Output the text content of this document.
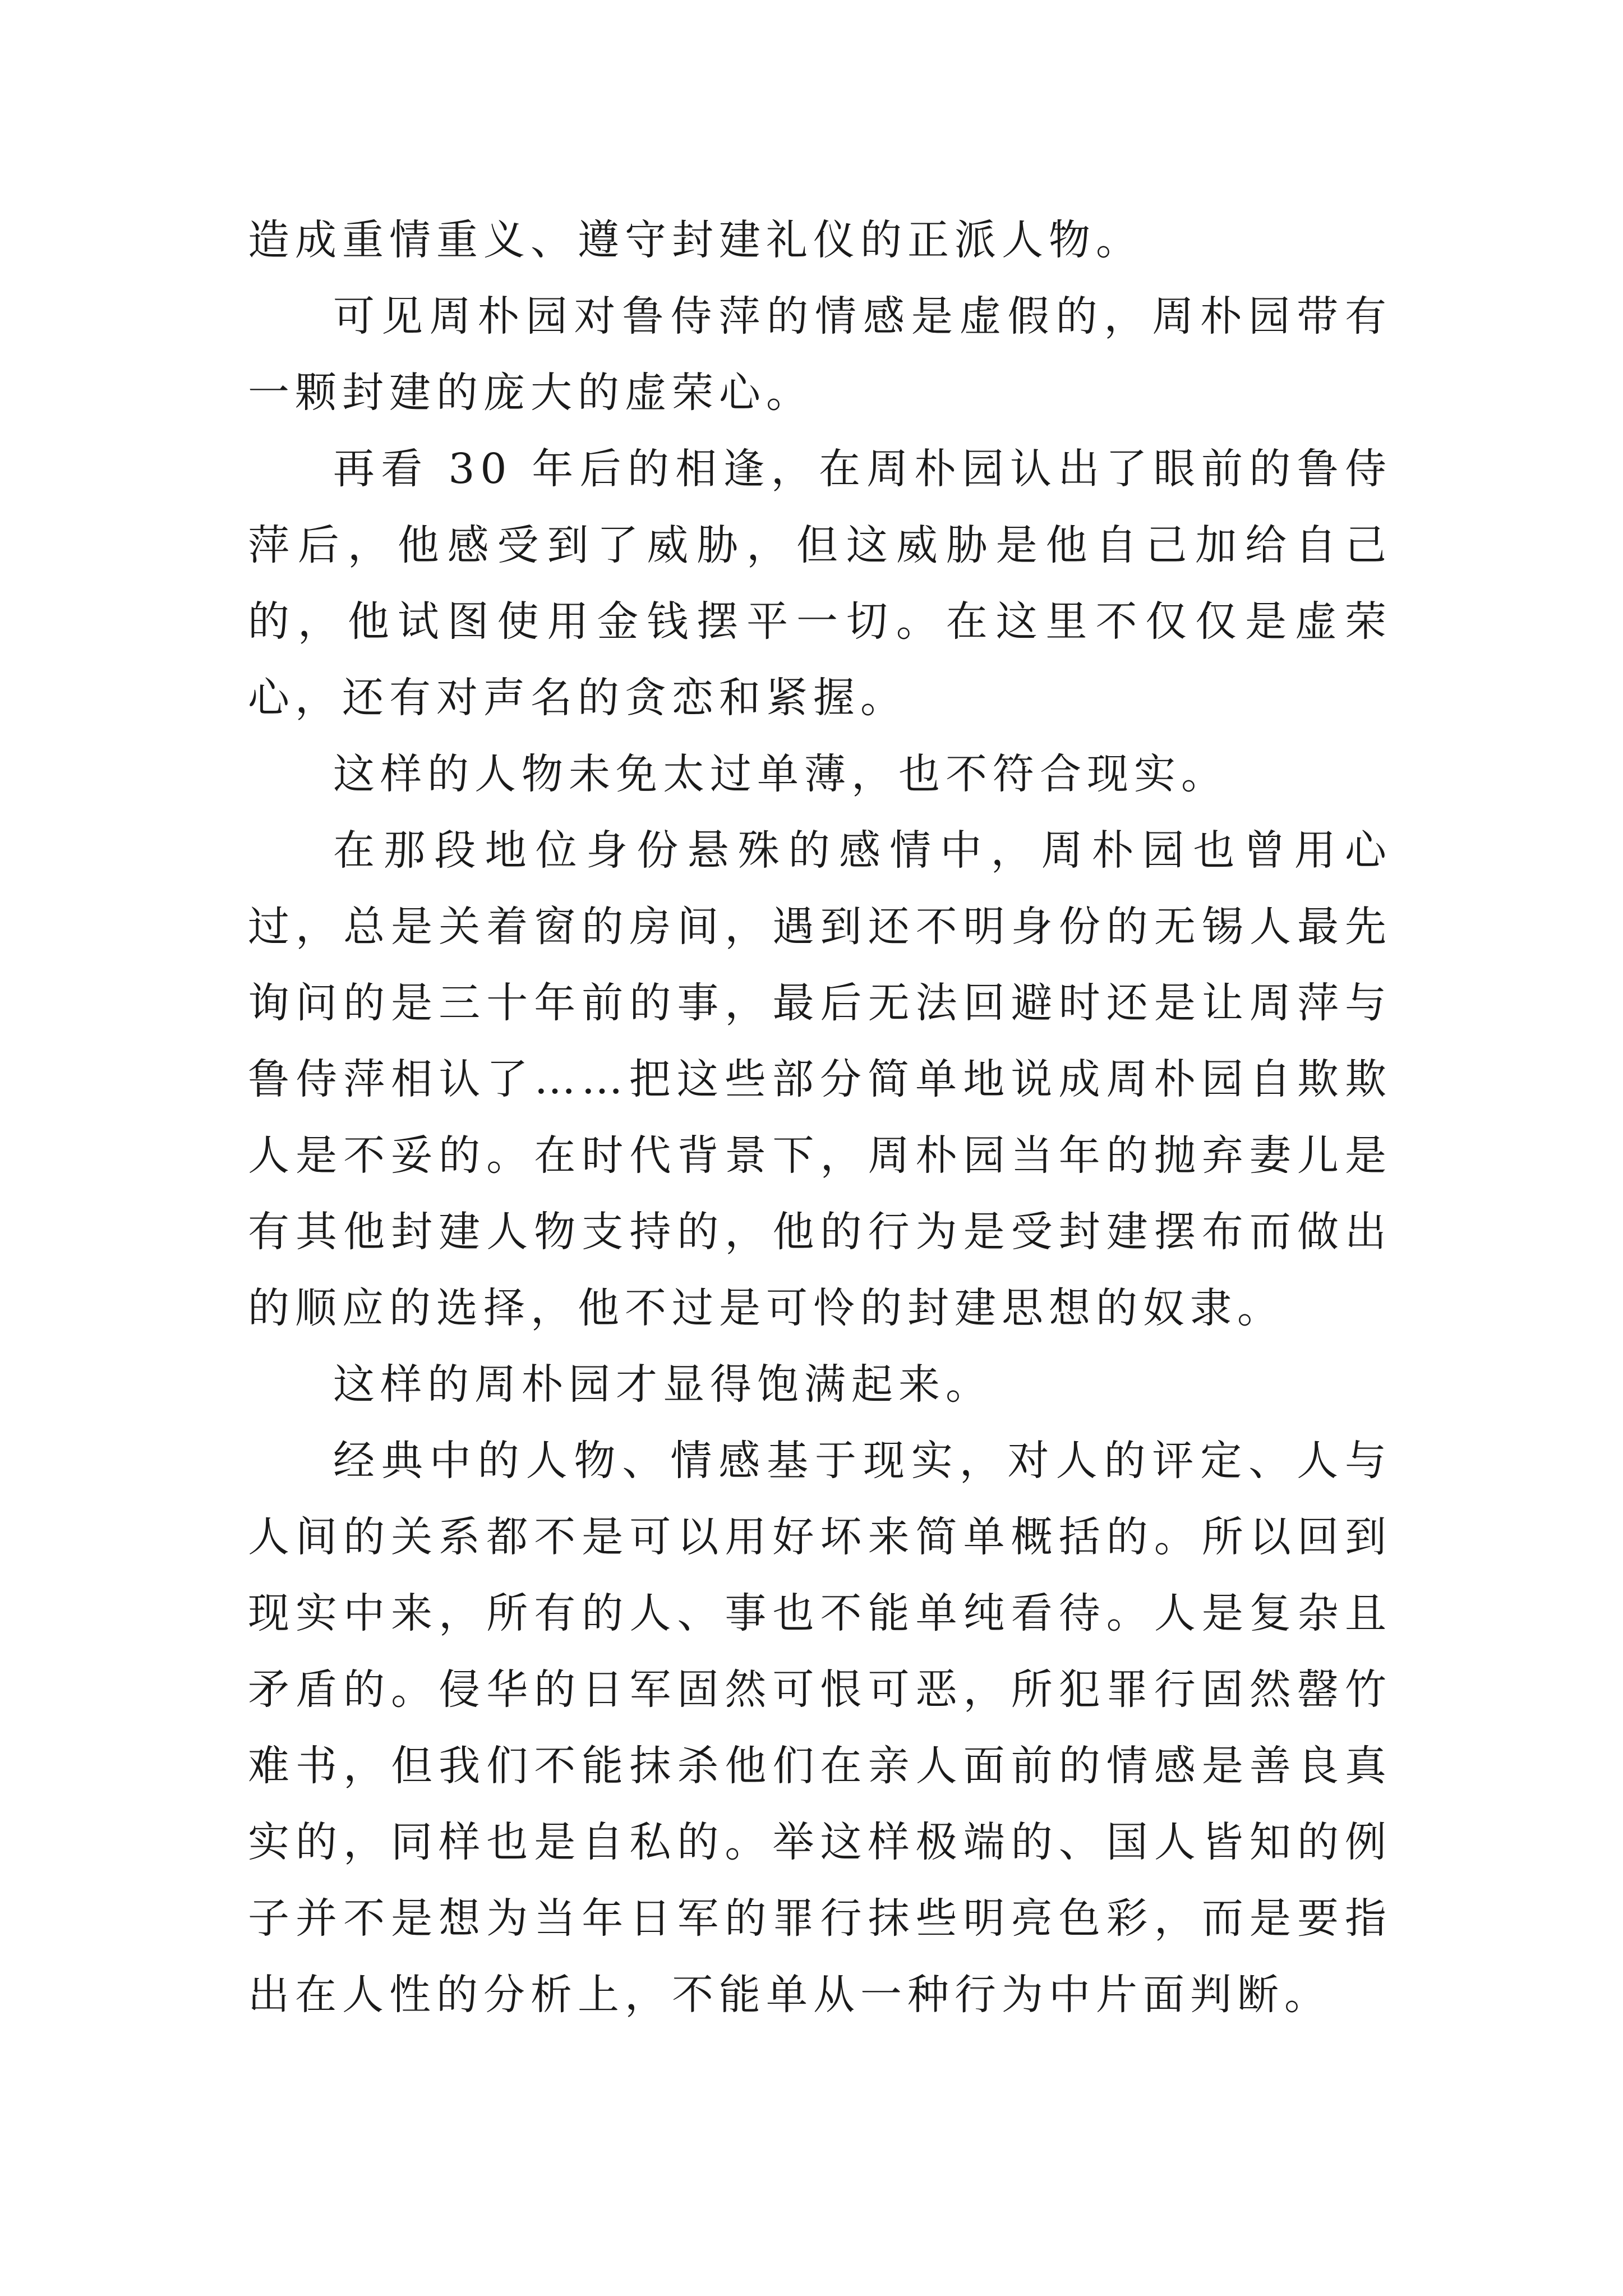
造成重情重义、遵守封建礼仪的正派人物。

可见周朴园对鲁侍萍的情感是虚假的，周朴园带有一颗封建的庞大的虚荣心。

再看 30 年后的相逢，在周朴园认出了眼前的鲁侍萍后，他感受到了威胁，但这威胁是他自己加给自己的，他试图使用金钱摆平一切。在这里不仅仅是虚荣心，还有对声名的贪恋和紧握。

这样的人物未免太过单薄，也不符合现实。

在那段地位身份悬殊的感情中，周朴园也曾用心过，总是关着窗的房间，遇到还不明身份的无锡人最先询问的是三十年前的事，最后无法回避时还是让周萍与鲁侍萍相认了……把这些部分简单地说成周朴园自欺欺人是不妥的。在时代背景下，周朴园当年的抛弃妻儿是有其他封建人物支持的，他的行为是受封建摆布而做出的顺应的选择，他不过是可怜的封建思想的奴隶。

这样的周朴园才显得饱满起来。

经典中的人物、情感基于现实，对人的评定、人与人间的关系都不是可以用好坏来简单概括的。所以回到现实中来，所有的人、事也不能单纯看待。人是复杂且矛盾的。侵华的日军固然可恨可恶，所犯罪行固然罄竹难书，但我们不能抹杀他们在亲人面前的情感是善良真实的，同样也是自私的。举这样极端的、国人皆知的例子并不是想为当年日军的罪行抹些明亮色彩，而是要指出在人性的分析上，不能单从一种行为中片面判断。
